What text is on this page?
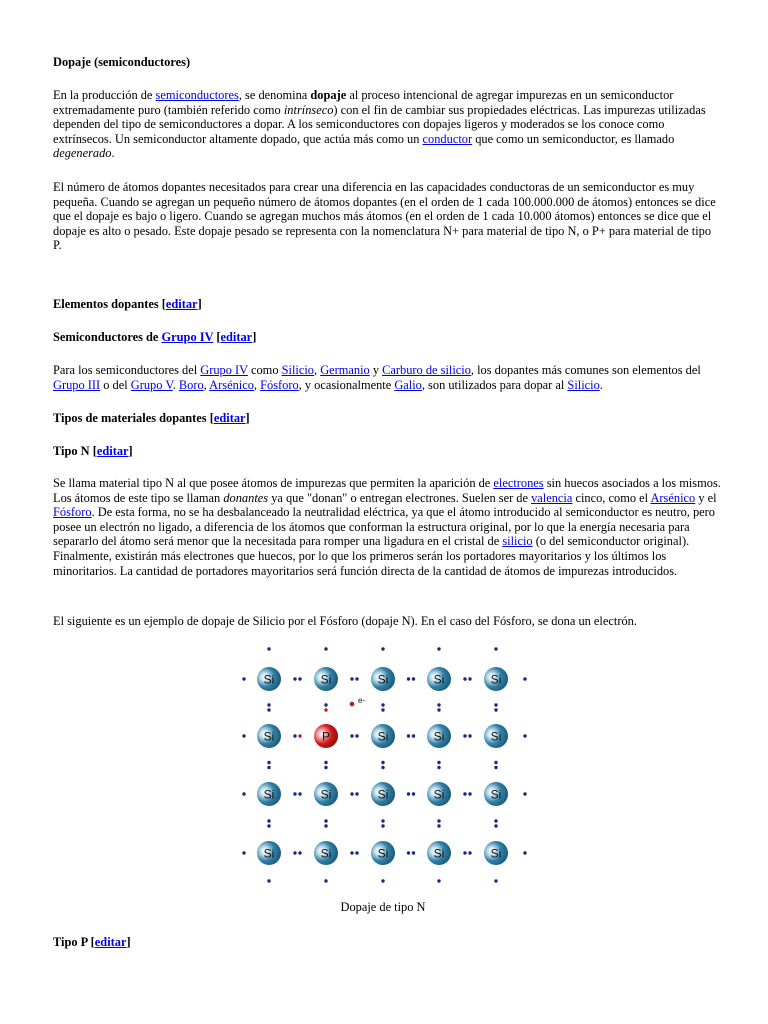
Dopaje (semiconductores)

En la producción de semiconductores, se denomina dopaje al proceso intencional de agregar impurezas en un semiconductor extremadamente puro (también referido como intrínseco) con el fin de cambiar sus propiedades eléctricas. Las impurezas utilizadas dependen del tipo de semiconductores a dopar. A los semiconductores con dopajes ligeros y moderados se los conoce como extrínsecos. Un semiconductor altamente dopado, que actúa más como un conductor que como un semiconductor, es llamado degenerado.

El número de átomos dopantes necesitados para crear una diferencia en las capacidades conductoras de un semiconductor es muy pequeña. Cuando se agregan un pequeño número de átomos dopantes (en el orden de 1 cada 100.000.000 de átomos) entonces se dice que el dopaje es bajo o ligero. Cuando se agregan muchos más átomos (en el orden de 1 cada 10.000 átomos) entonces se dice que el dopaje es alto o pesado. Este dopaje pesado se representa con la nomenclatura N+ para material de tipo N, o P+ para material de tipo P.

Elementos dopantes [editar]
Semiconductores de Grupo IV [editar]

Para los semiconductores del Grupo IV como Silicio, Germanio y Carburo de silicio, los dopantes más comunes son elementos del Grupo III o del Grupo V. Boro, Arsénico, Fósforo, y ocasionalmente Galio, son utilizados para dopar al Silicio.

Tipos de materiales dopantes [editar]
Tipo N [editar]

Se llama material tipo N al que posee átomos de impurezas que permiten la aparición de electrones sin huecos asociados a los mismos. Los átomos de este tipo se llaman donantes ya que "donan" o entregan electrones. Suelen ser de valencia cinco, como el Arsénico y el Fósforo. De esta forma, no se ha desbalanceado la neutralidad eléctrica, ya que el átomo introducido al semiconductor es neutro, pero posee un electrón no ligado, a diferencia de los átomos que conforman la estructura original, por lo que la energía necesaria para separarlo del átomo será menor que la necesitada para romper una ligadura en el cristal de silicio (o del semiconductor original). Finalmente, existirán más electrones que huecos, por lo que los primeros serán los portadores mayoritarios y los últimos los minoritarios. La cantidad de portadores mayoritarios será función directa de la cantidad de átomos de impurezas introducidos.

El siguiente es un ejemplo de dopaje de Silicio por el Fósforo (dopaje N). En el caso del Fósforo, se dona un electrón.

Si	Si	Si	Si	Si
Si	P	Si	Si	Si
Si	Si	Si	Si	Si
Si	Si	Si	Si	Si
e-
Dopaje de tipo N
Tipo P [editar]
